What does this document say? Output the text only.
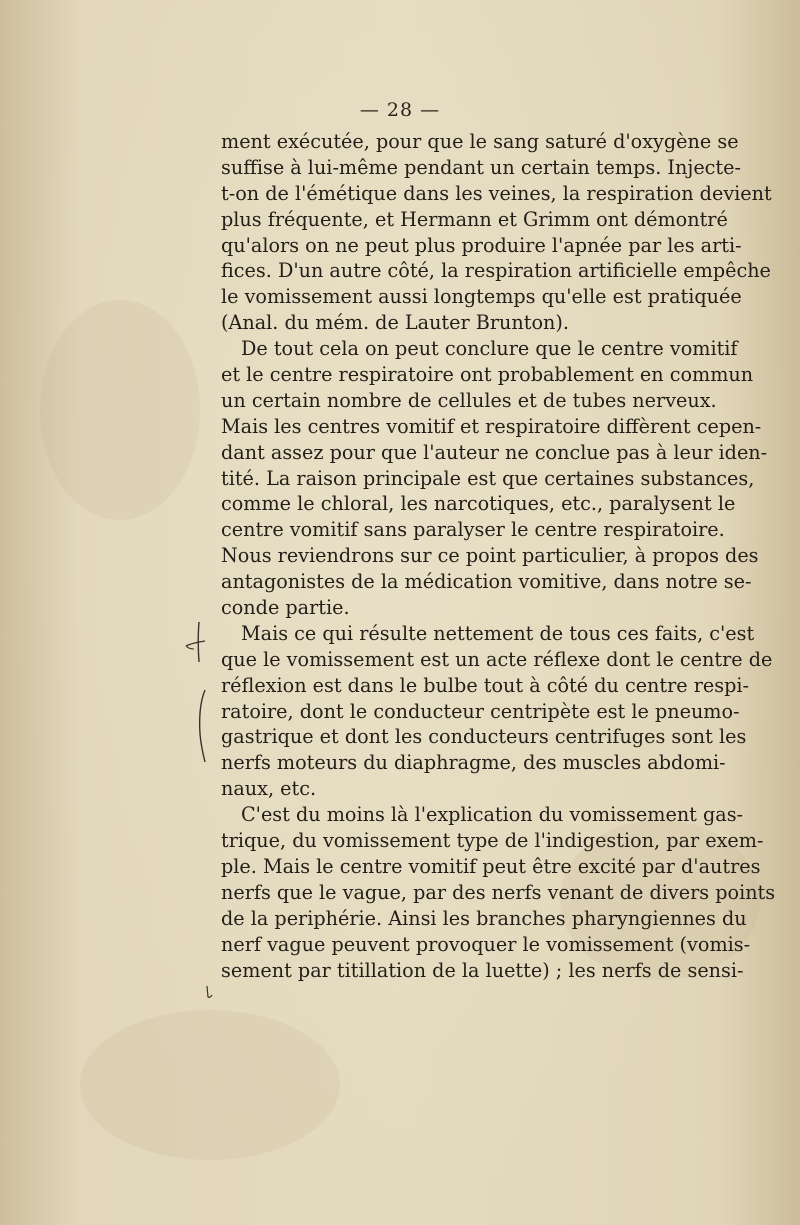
— 28 —
ment exécutée, pour que le sang saturé d'oxygène se
suffise à lui-même pendant un certain temps. Injecte-
t-on de l'émétique dans les veines, la respiration devient
plus fréquente, et Hermann et Grimm ont démontré
qu'alors on ne peut plus produire l'apnée par les arti-
fices. D'un autre côté, la respiration artificielle empêche
le vomissement aussi longtemps qu'elle est pratiquée
(Anal. du mém. de Lauter Brunton).
De tout cela on peut conclure que le centre vomitif
et le centre respiratoire ont probablement en commun
un certain nombre de cellules et de tubes nerveux.
Mais les centres vomitif et respiratoire diffèrent cepen-
dant assez pour que l'auteur ne conclue pas à leur iden-
tité. La raison principale est que certaines substances,
comme le chloral, les narcotiques, etc., paralysent le
centre vomitif sans paralyser le centre respiratoire.
Nous reviendrons sur ce point particulier, à propos des
antagonistes de la médication vomitive, dans notre se-
conde partie.
Mais ce qui résulte nettement de tous ces faits, c'est
que le vomissement est un acte réflexe dont le centre de
réflexion est dans le bulbe tout à côté du centre respi-
ratoire, dont le conducteur centripète est le pneumo-
gastrique et dont les conducteurs centrifuges sont les
nerfs moteurs du diaphragme, des muscles abdomi-
naux, etc.
C'est du moins là l'explication du vomissement gas-
trique, du vomissement type de l'indigestion, par exem-
ple. Mais le centre vomitif peut être excité par d'autres
nerfs que le vague, par des nerfs venant de divers points
de la periphérie. Ainsi les branches pharyngiennes du
nerf vague peuvent provoquer le vomissement (vomis-
sement par titillation de la luette) ; les nerfs de sensi-
